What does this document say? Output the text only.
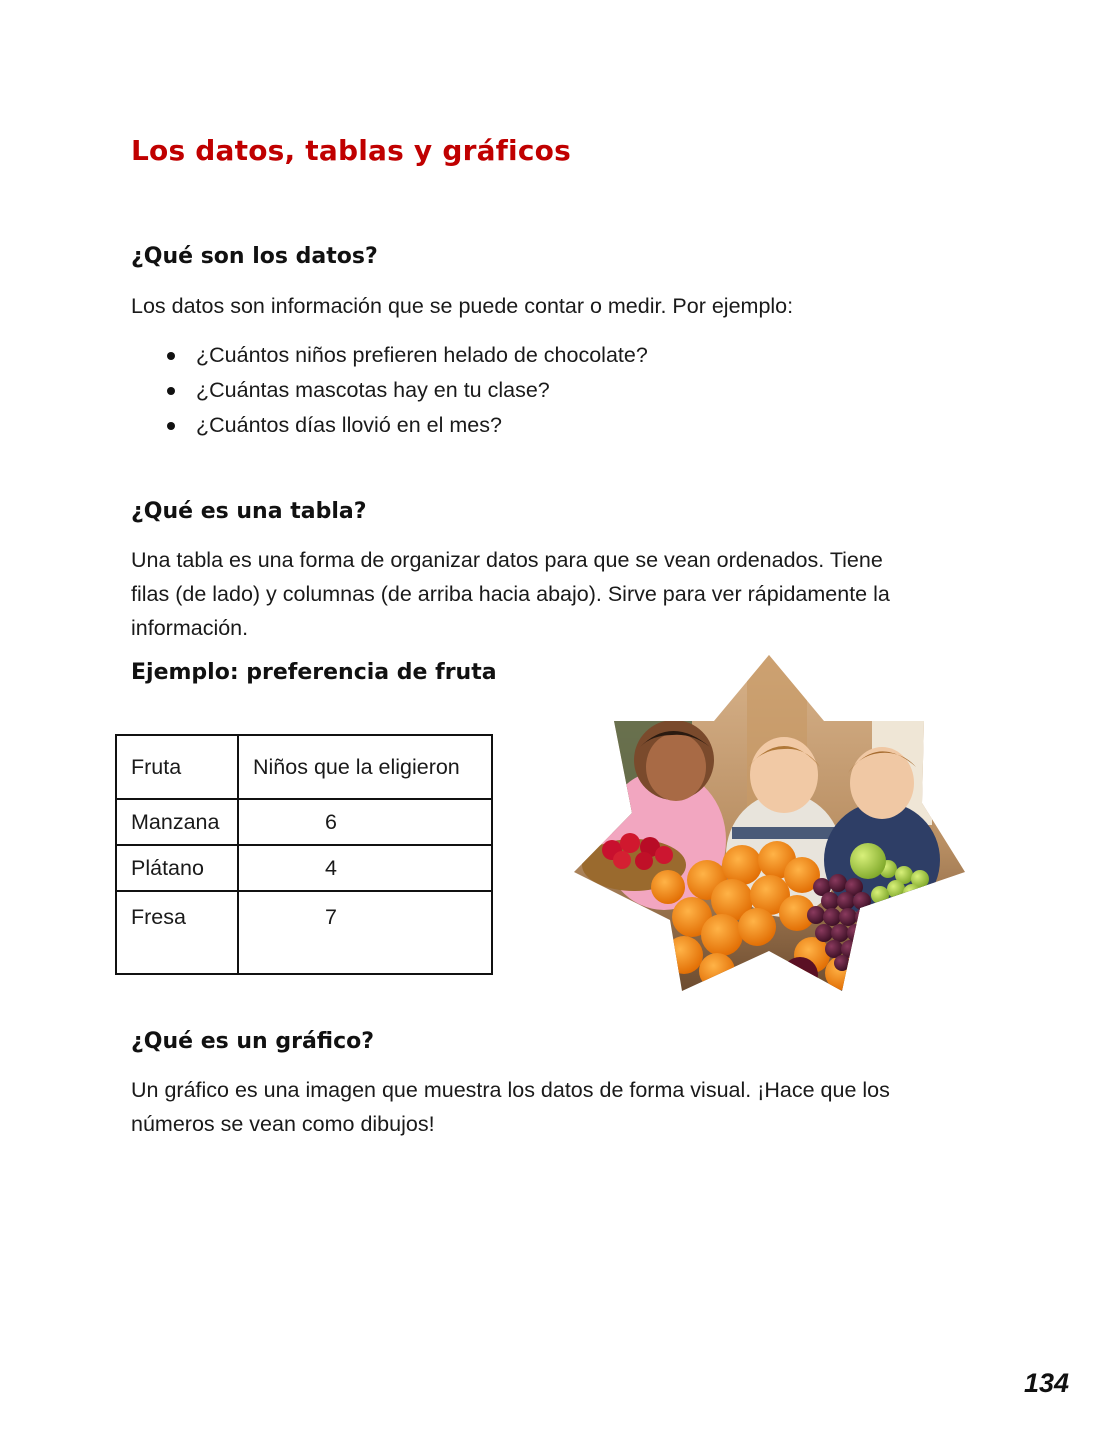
Los datos, tablas y gráficos
¿Qué son los datos?

Los datos son información que se puede contar o medir. Por ejemplo:

¿Cuántos niños prefieren helado de chocolate?
¿Cuántas mascotas hay en tu clase?
¿Cuántos días llovió en el mes?
¿Qué es una tabla?

Una tabla es una forma de organizar datos para que se vean ordenados. Tiene
filas (de lado) y columnas (de arriba hacia abajo). Sirve para ver rápidamente la
información.

Ejemplo: preferencia de fruta
Fruta	Niños que la eligieron
Manzana	6
Plátano	4
Fresa	7
¿Qué es un gráfico?

Un gráfico es una imagen que muestra los datos de forma visual. ¡Hace que los
números se vean como dibujos!

134
